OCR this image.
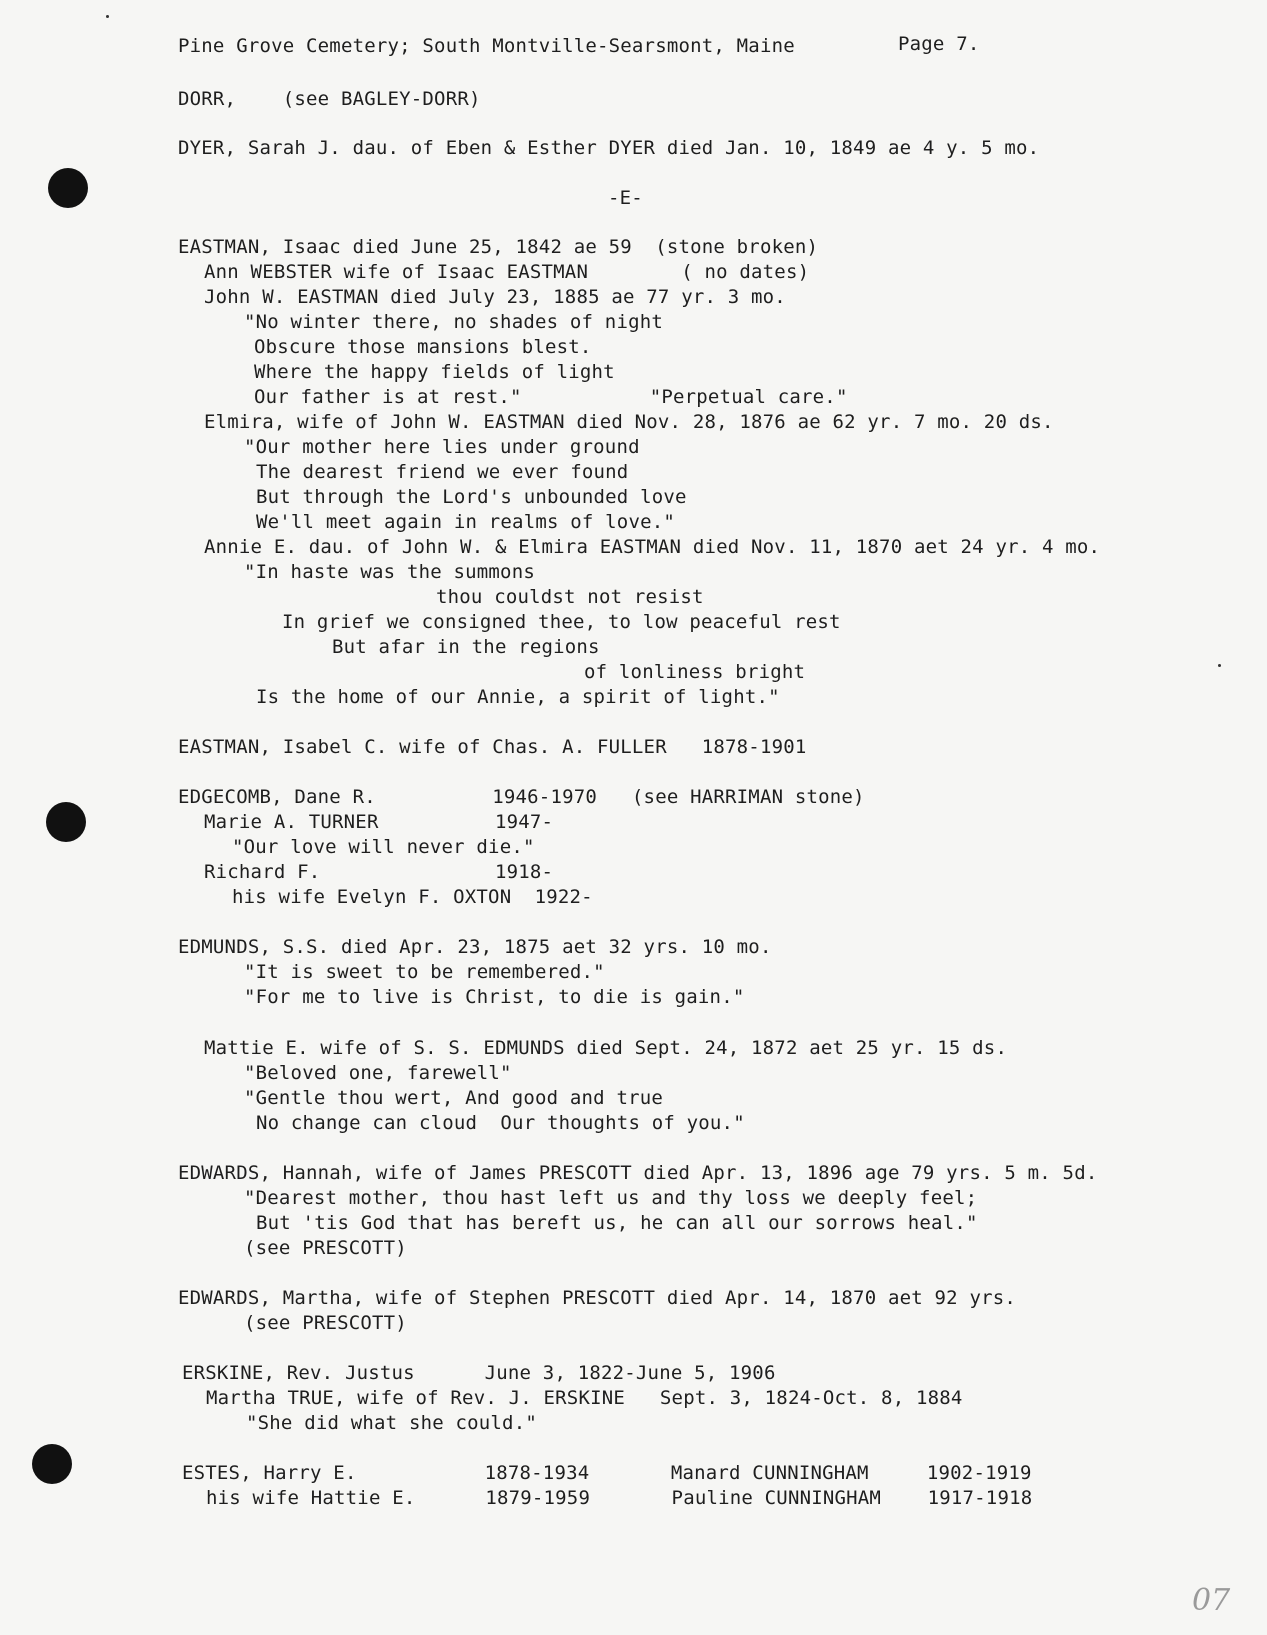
Pine Grove Cemetery; South Montville-Searsmont, Maine	Page 7.
DORR,    (see BAGLEY-DORR)
DYER, Sarah J. dau. of Eben & Esther DYER died Jan. 10, 1849 ae 4 y. 5 mo.
-E-
EASTMAN, Isaac died June 25, 1842 ae 59  (stone broken)
Ann WEBSTER wife of Isaac EASTMAN        ( no dates)
John W. EASTMAN died July 23, 1885 ae 77 yr. 3 mo.
"No winter there, no shades of night
Obscure those mansions blest.
Where the happy fields of light
Our father is at rest."           "Perpetual care."
Elmira, wife of John W. EASTMAN died Nov. 28, 1876 ae 62 yr. 7 mo. 20 ds.
"Our mother here lies under ground
The dearest friend we ever found
But through the Lord's unbounded love
We'll meet again in realms of love."
Annie E. dau. of John W. & Elmira EASTMAN died Nov. 11, 1870 aet 24 yr. 4 mo.
"In haste was the summons
thou couldst not resist
In grief we consigned thee, to low peaceful rest
But afar in the regions
of lonliness bright
Is the home of our Annie, a spirit of light."
EASTMAN, Isabel C. wife of Chas. A. FULLER   1878-1901
EDGECOMB, Dane R.          1946-1970   (see HARRIMAN stone)
Marie A. TURNER          1947-
"Our love will never die."
Richard F.               1918-
his wife Evelyn F. OXTON  1922-
EDMUNDS, S.S. died Apr. 23, 1875 aet 32 yrs. 10 mo.
"It is sweet to be remembered."
"For me to live is Christ, to die is gain."
Mattie E. wife of S. S. EDMUNDS died Sept. 24, 1872 aet 25 yr. 15 ds.
"Beloved one, farewell"
"Gentle thou wert, And good and true
No change can cloud  Our thoughts of you."
EDWARDS, Hannah, wife of James PRESCOTT died Apr. 13, 1896 age 79 yrs. 5 m. 5d.
"Dearest mother, thou hast left us and thy loss we deeply feel;
But 'tis God that has bereft us, he can all our sorrows heal."
(see PRESCOTT)
EDWARDS, Martha, wife of Stephen PRESCOTT died Apr. 14, 1870 aet 92 yrs.
(see PRESCOTT)
ERSKINE, Rev. Justus      June 3, 1822-June 5, 1906
Martha TRUE, wife of Rev. J. ERSKINE   Sept. 3, 1824-Oct. 8, 1884
"She did what she could."
ESTES, Harry E.           1878-1934       Manard CUNNINGHAM     1902-1919
his wife Hattie E.      1879-1959       Pauline CUNNINGHAM    1917-1918
07
